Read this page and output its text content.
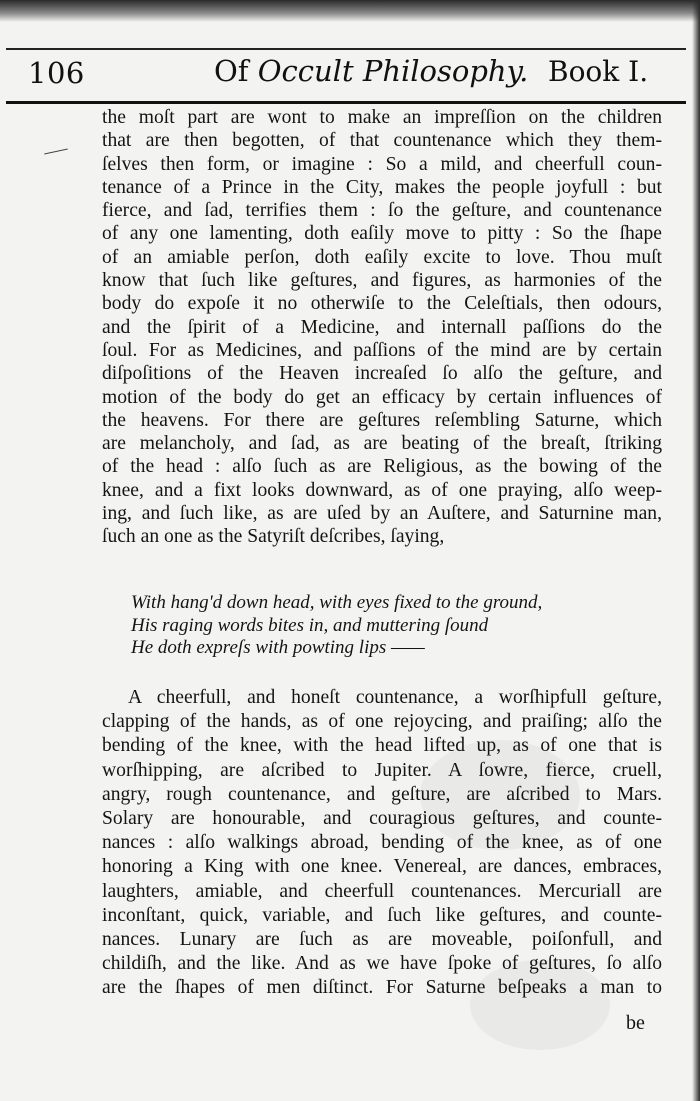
106	Of Occult Philosophy. Book I.
the moſt part are wont to make an impreſſion on the children
that are then begotten, of that countenance which they them-
ſelves then form, or imagine : So a mild, and cheerfull coun-
tenance of a Prince in the City, makes the people joyfull : but
fierce, and ſad, terrifies them : ſo the geſture, and countenance
of any one lamenting, doth eaſily move to pitty : So the ſhape
of an amiable perſon, doth eaſily excite to love. Thou muſt
know that ſuch like geſtures, and figures, as harmonies of the
body do expoſe it no otherwiſe to the Celeſtials, then odours,
and the ſpirit of a Medicine, and internall paſſions do the
ſoul. For as Medicines, and paſſions of the mind are by certain
diſpoſitions of the Heaven increaſed ſo alſo the geſture, and
motion of the body do get an efficacy by certain influences of
the heavens. For there are geſtures reſembling Saturne, which
are melancholy, and ſad, as are beating of the breaſt, ſtriking
of the head : alſo ſuch as are Religious, as the bowing of the
knee, and a fixt looks downward, as of one praying, alſo weep-
ing, and ſuch like, as are uſed by an Auſtere, and Saturnine man,
ſuch an one as the Satyriſt deſcribes, ſaying,
With hang'd down head, with eyes fixed to the ground,
His raging words bites in, and muttering ſound
He doth expreſs with powting lips ——
A cheerfull, and honeſt countenance, a worſhipfull geſture,
clapping of the hands, as of one rejoycing, and praiſing; alſo the
bending of the knee, with the head lifted up, as of one that is
worſhipping, are aſcribed to Jupiter. A ſowre, fierce, cruell,
angry, rough countenance, and geſture, are aſcribed to Mars.
Solary are honourable, and couragious geſtures, and counte-
nances : alſo walkings abroad, bending of the knee, as of one
honoring a King with one knee. Venereal, are dances, embraces,
laughters, amiable, and cheerfull countenances. Mercuriall are
inconſtant, quick, variable, and ſuch like geſtures, and counte-
nances. Lunary are ſuch as are moveable, poiſonfull, and
childiſh, and the like. And as we have ſpoke of geſtures, ſo alſo
are the ſhapes of men diſtinct. For Saturne beſpeaks a man to
be
